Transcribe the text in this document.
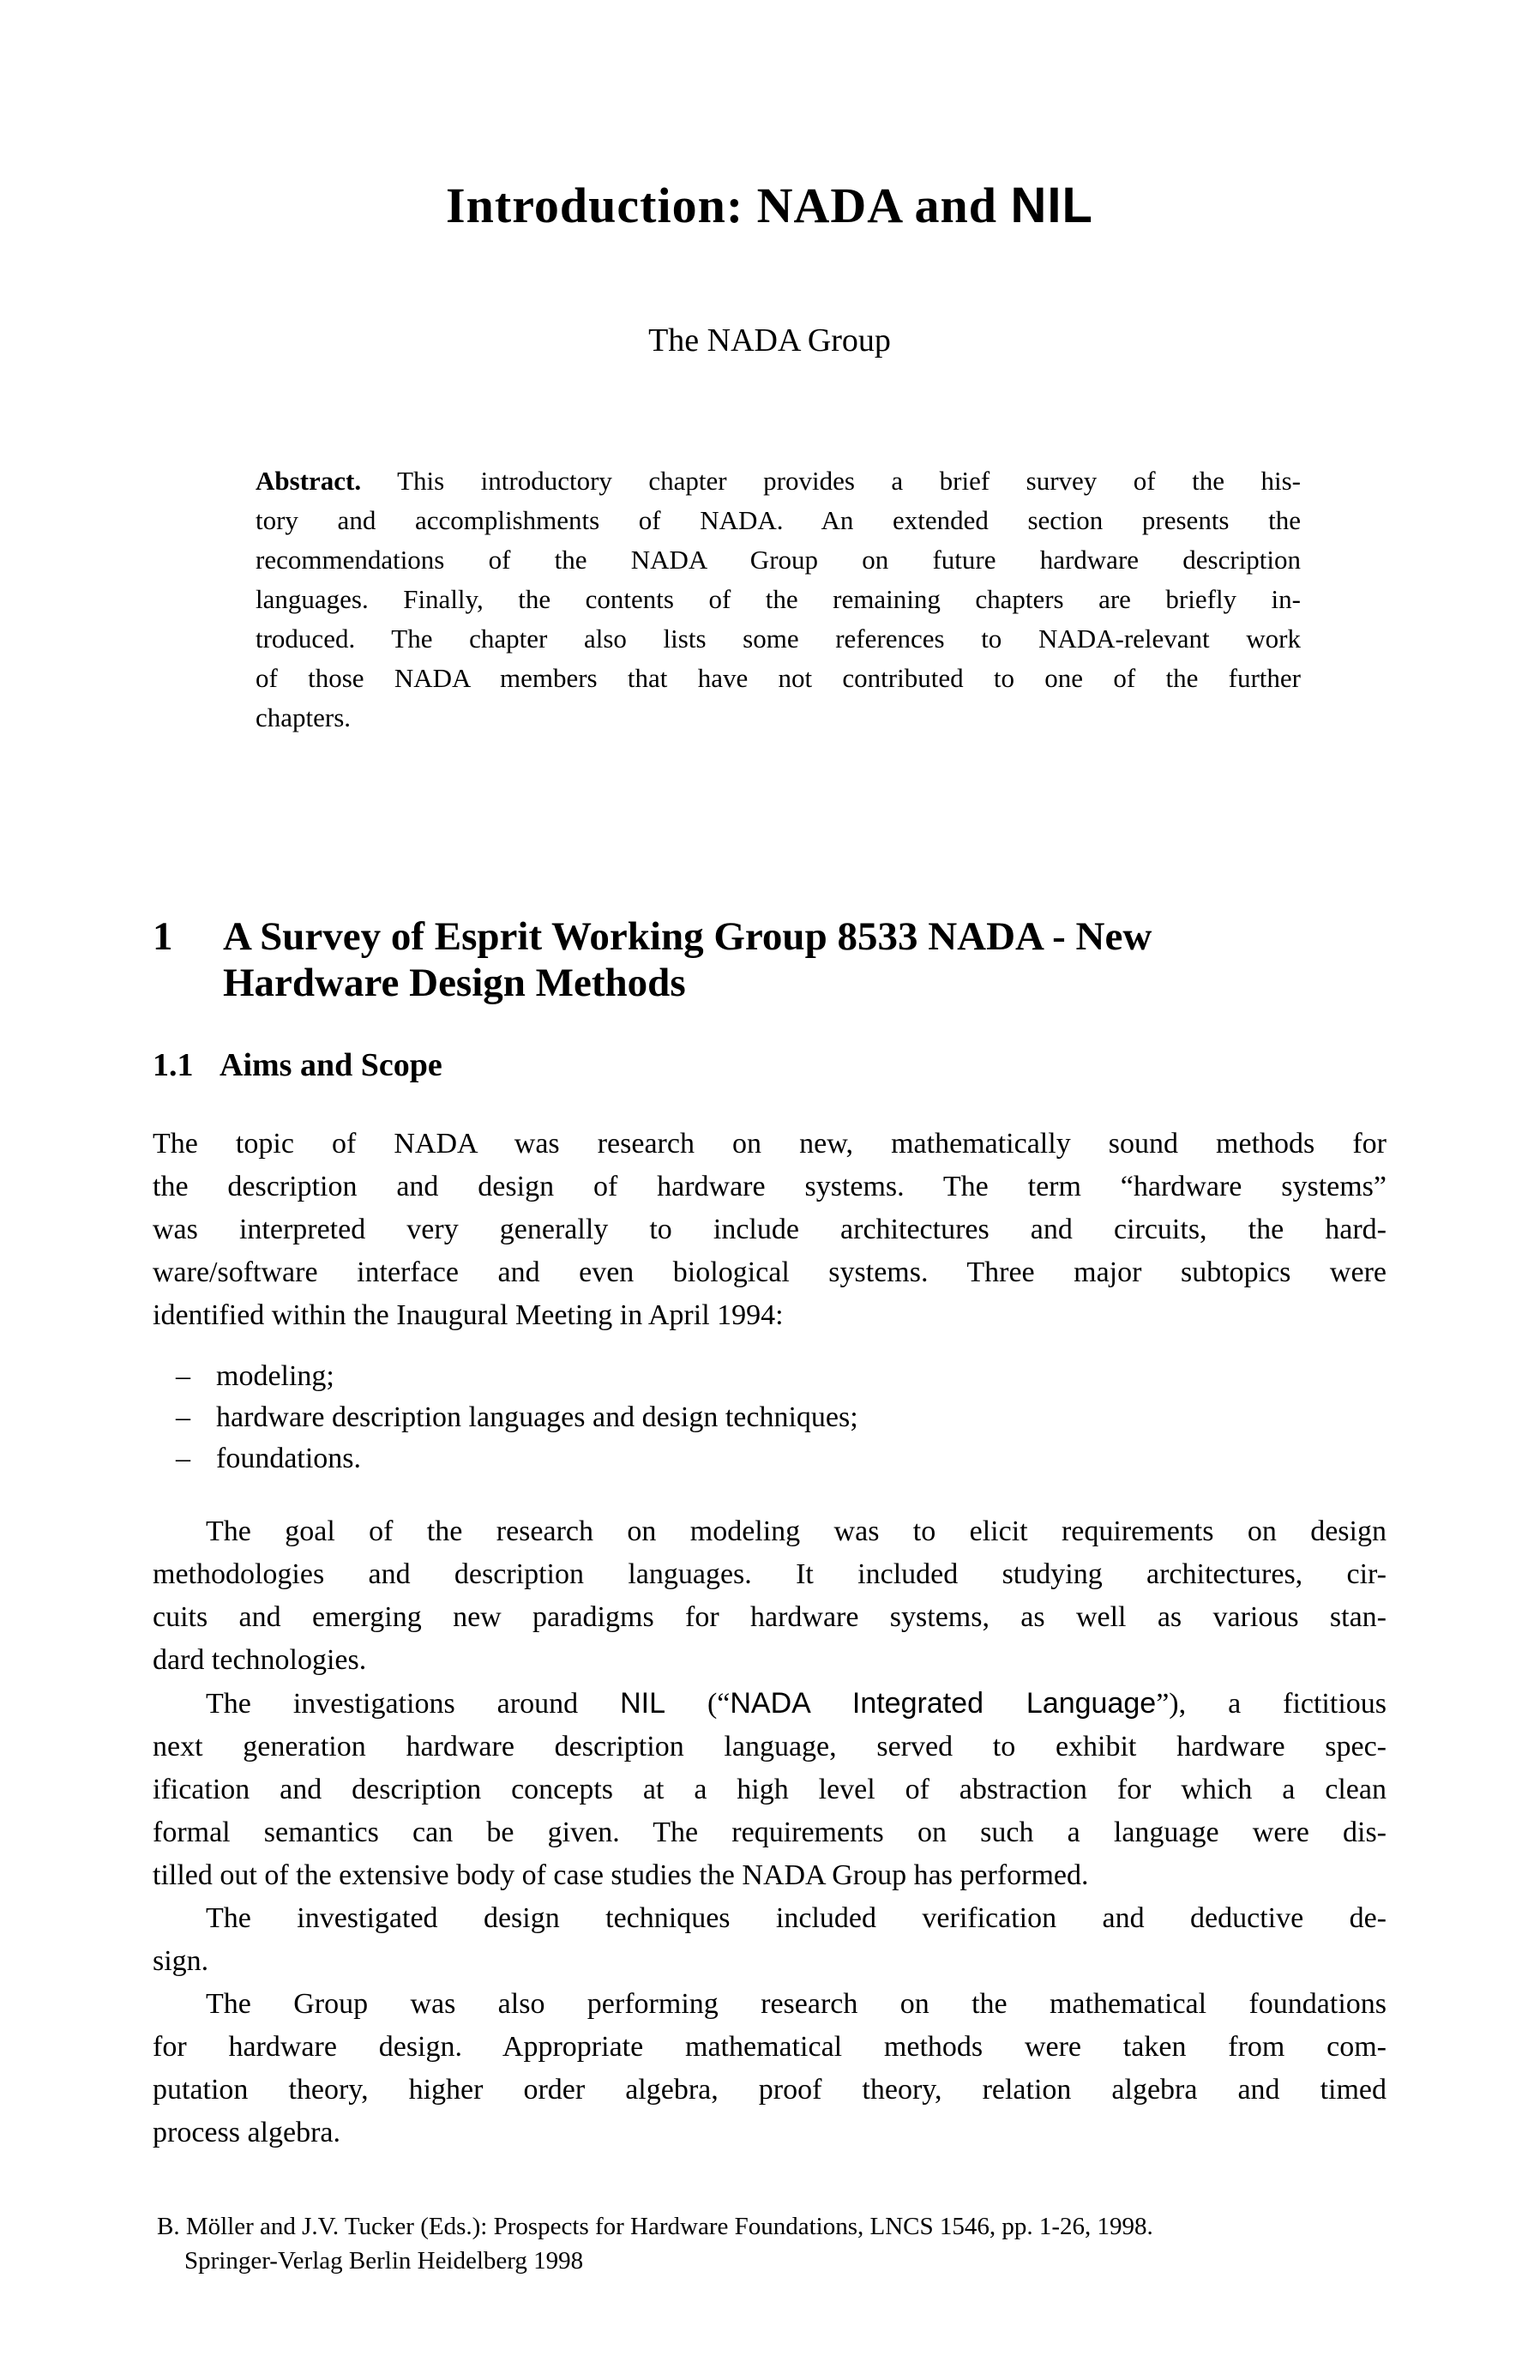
Introduction: NADA and NIL
The NADA Group
Abstract. This introductory chapter provides a brief survey of the his-
tory and accomplishments of NADA. An extended section presents the
recommendations of the NADA Group on future hardware description
languages. Finally, the contents of the remaining chapters are briefly in-
troduced. The chapter also lists some references to NADA-relevant work
of those NADA members that have not contributed to one of the further
chapters.
1	A Survey of Esprit Working Group 8533 NADA - New
Hardware Design Methods
1.1 Aims and Scope
The topic of NADA was research on new, mathematically sound methods for
the description and design of hardware systems. The term “hardware systems”
was interpreted very generally to include architectures and circuits, the hard-
ware/software interface and even biological systems. Three major subtopics were
identified within the Inaugural Meeting in April 1994:
– modeling;
– hardware description languages and design techniques;
– foundations.
The goal of the research on modeling was to elicit requirements on design
methodologies and description languages. It included studying architectures, cir-
cuits and emerging new paradigms for hardware systems, as well as various stan-
dard technologies.
The investigations around NIL (“NADA Integrated Language”), a fictitious
next generation hardware description language, served to exhibit hardware spec-
ification and description concepts at a high level of abstraction for which a clean
formal semantics can be given. The requirements on such a language were dis-
tilled out of the extensive body of case studies the NADA Group has performed.
The investigated design techniques included verification and deductive de-
sign.
The Group was also performing research on the mathematical foundations
for hardware design. Appropriate mathematical methods were taken from com-
putation theory, higher order algebra, proof theory, relation algebra and timed
process algebra.
B. Möller and J.V. Tucker (Eds.): Prospects for Hardware Foundations, LNCS 1546, pp. 1-26, 1998.
Springer-Verlag Berlin Heidelberg 1998
